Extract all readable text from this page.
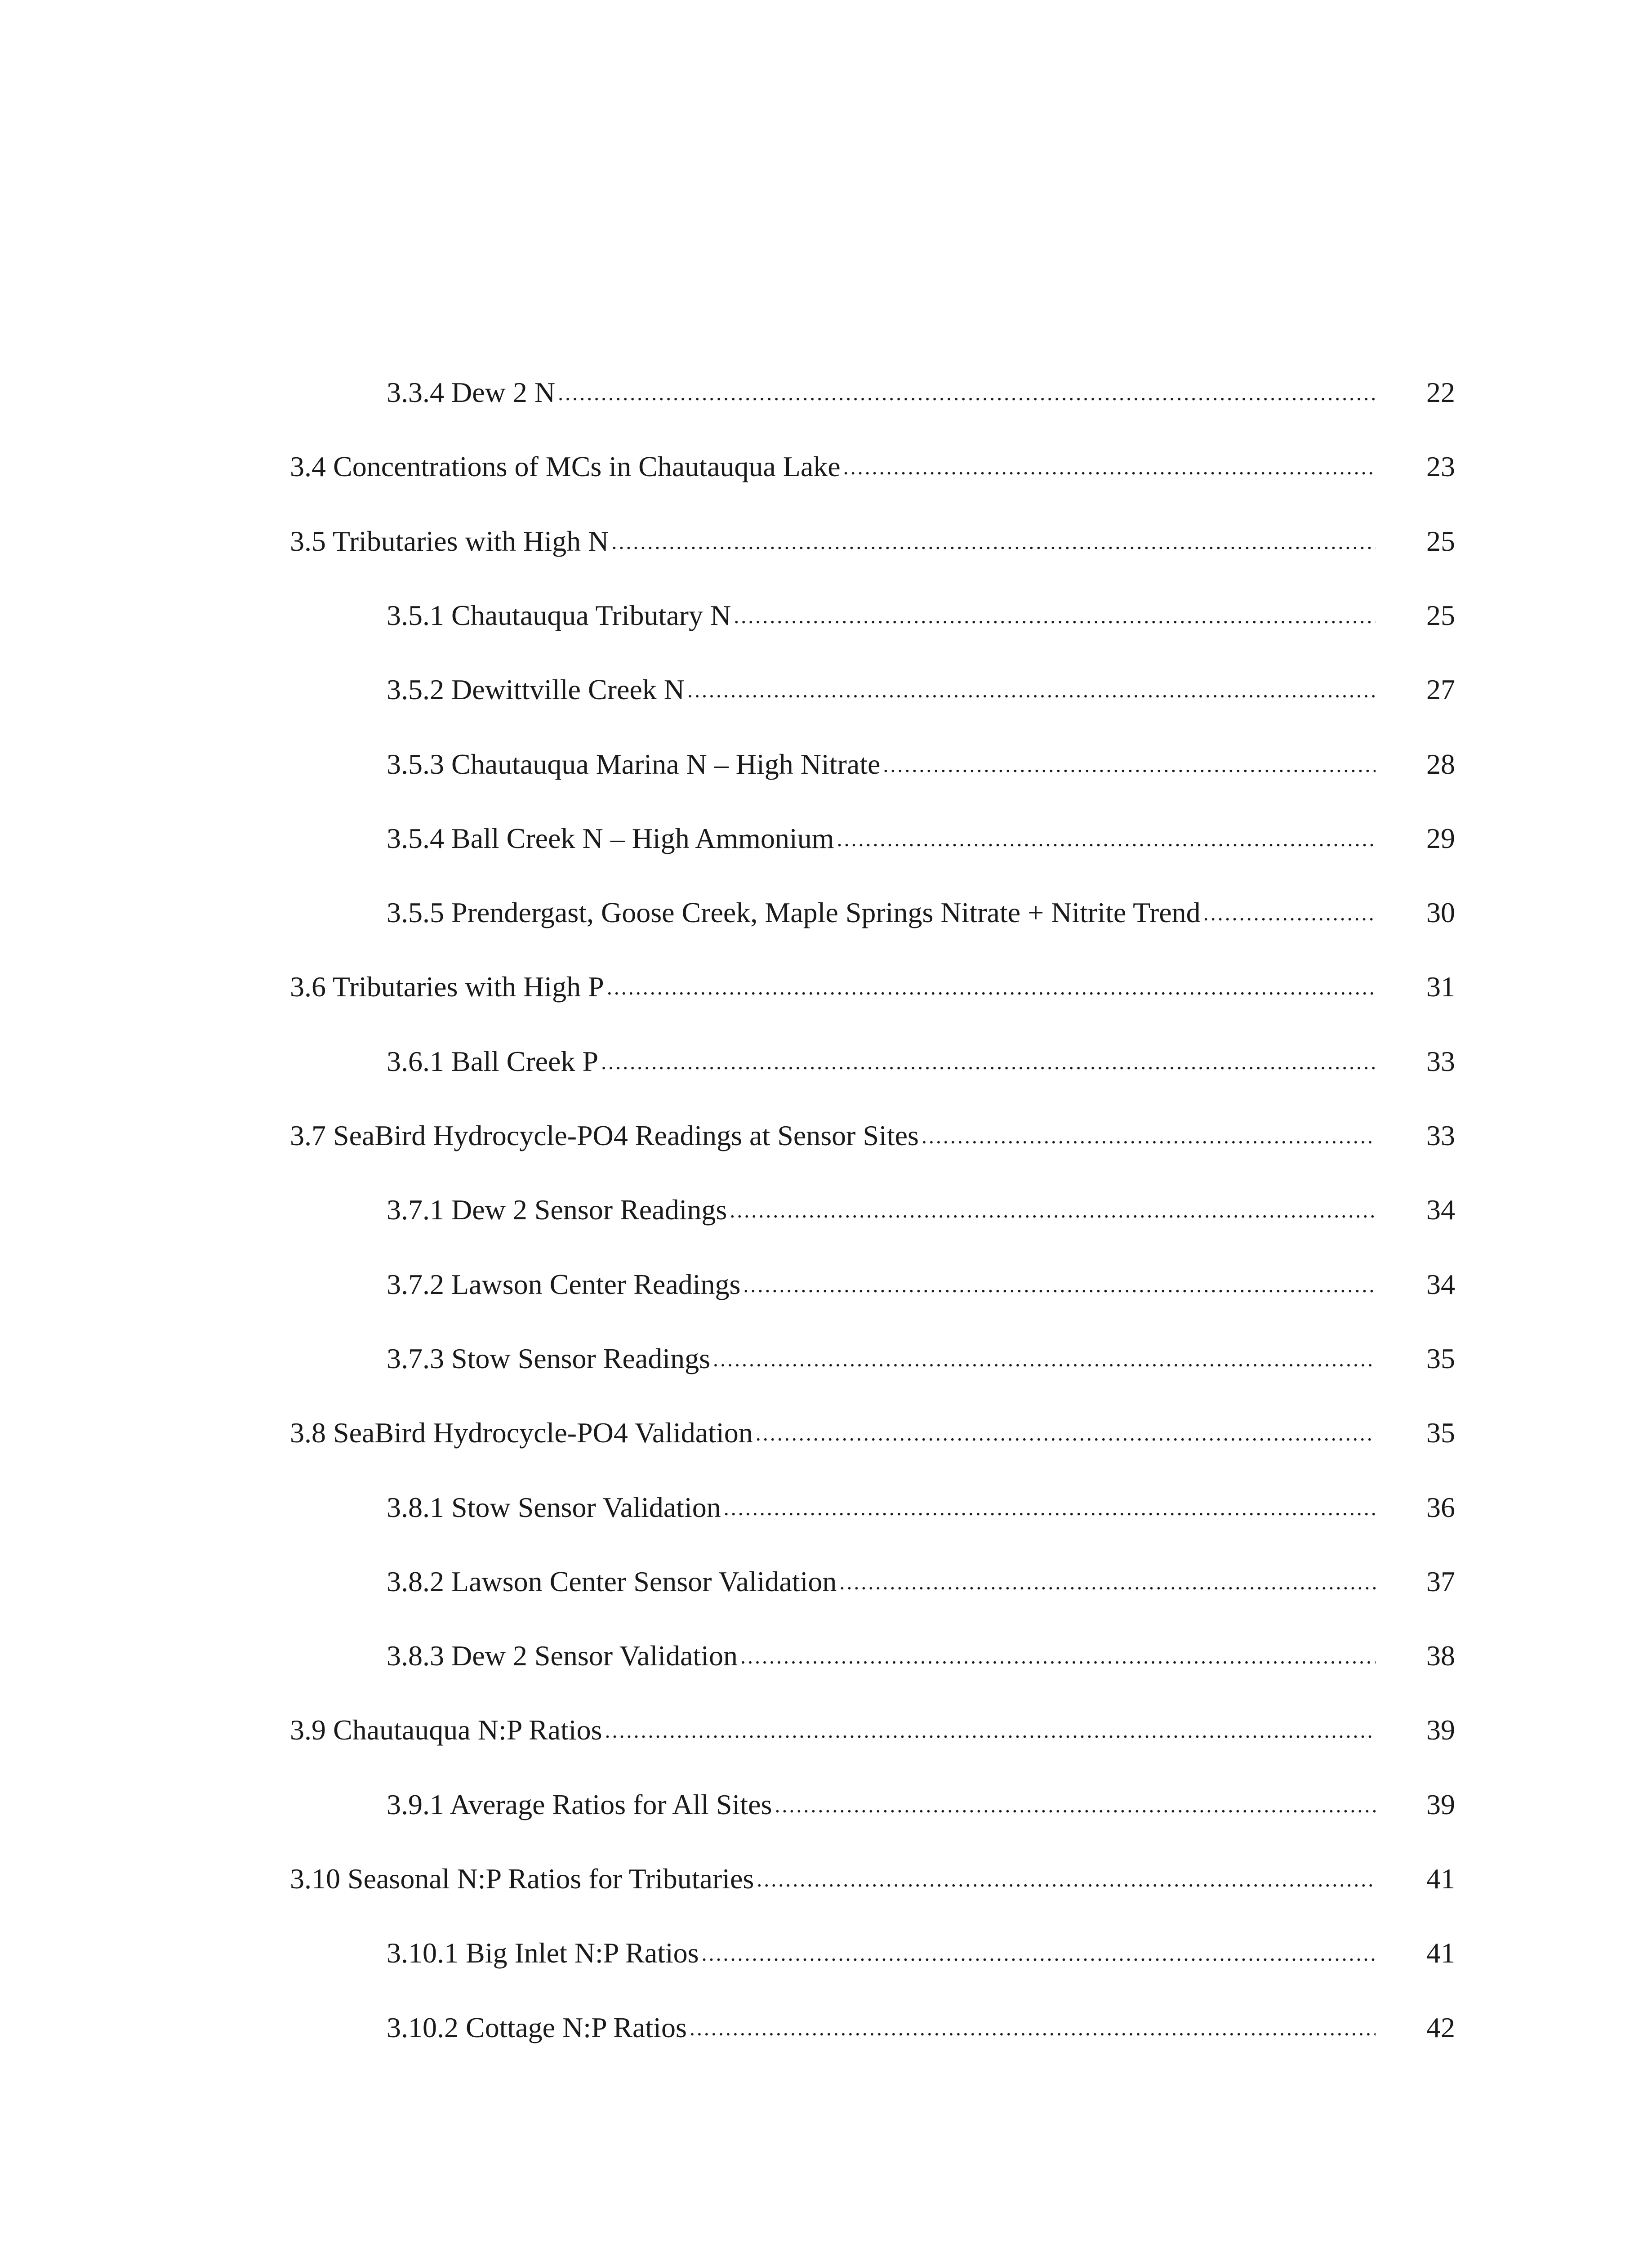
3.3.4 Dew 2 N .....	22
3.4 Concentrations of MCs in Chautauqua Lake .....	23
3.5 Tributaries with High N .....	25
3.5.1 Chautauqua Tributary N .....	25
3.5.2 Dewittville Creek N .....	27
3.5.3 Chautauqua Marina N – High Nitrate .....	28
3.5.4 Ball Creek N – High Ammonium .....	29
3.5.5 Prendergast, Goose Creek, Maple Springs Nitrate + Nitrite Trend .....	30
3.6 Tributaries with High P .....	31
3.6.1 Ball Creek P .....	33
3.7 SeaBird Hydrocycle-PO4 Readings at Sensor Sites .....	33
3.7.1 Dew 2 Sensor Readings .....	34
3.7.2 Lawson Center Readings .....	34
3.7.3 Stow Sensor Readings .....	35
3.8 SeaBird Hydrocycle-PO4 Validation .....	35
3.8.1 Stow Sensor Validation .....	36
3.8.2 Lawson Center Sensor Validation .....	37
3.8.3 Dew 2 Sensor Validation .....	38
3.9 Chautauqua N:P Ratios .....	39
3.9.1 Average Ratios for All Sites .....	39
3.10 Seasonal N:P Ratios for Tributaries .....	41
3.10.1 Big Inlet N:P Ratios .....	41
3.10.2 Cottage N:P Ratios .....	42
